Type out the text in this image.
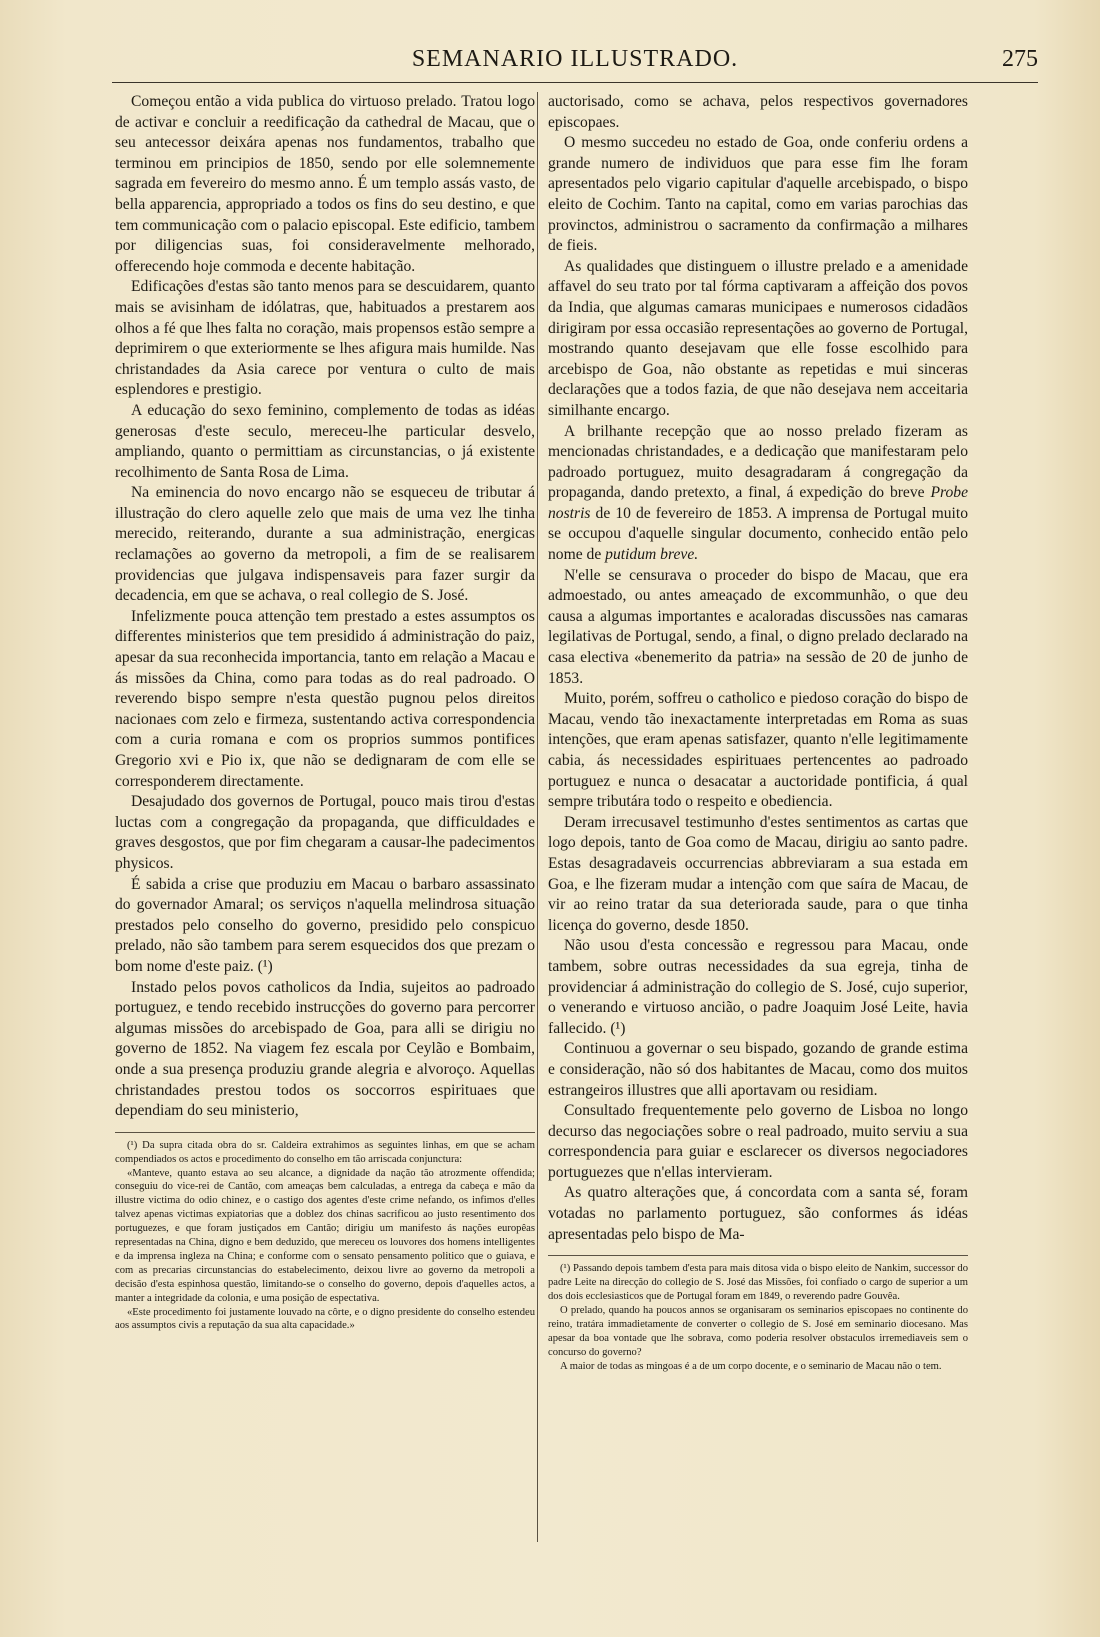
SEMANARIO ILLUSTRADO.	275

Começou então a vida publica do virtuoso prelado. Tratou logo de activar e concluir a reedificação da cathedral de Macau, que o seu antecessor deixára apenas nos fundamentos, trabalho que terminou em principios de 1850, sendo por elle solemnemente sagrada em fevereiro do mesmo anno. É um templo assás vasto, de bella apparencia, appropriado a todos os fins do seu destino, e que tem communicação com o palacio episcopal. Este edificio, tambem por diligencias suas, foi consideravelmente melhorado, offerecendo hoje commoda e decente habitação.

Edificações d'estas são tanto menos para se descuidarem, quanto mais se avisinham de idólatras, que, habituados a prestarem aos olhos a fé que lhes falta no coração, mais propensos estão sempre a deprimirem o que exteriormente se lhes afigura mais humilde. Nas christandades da Asia carece por ventura o culto de mais esplendores e prestigio.

A educação do sexo feminino, complemento de todas as idéas generosas d'este seculo, mereceu-lhe particular desvelo, ampliando, quanto o permittiam as circunstancias, o já existente recolhimento de Santa Rosa de Lima.

Na eminencia do novo encargo não se esqueceu de tributar á illustração do clero aquelle zelo que mais de uma vez lhe tinha merecido, reiterando, durante a sua administração, energicas reclamações ao governo da metropoli, a fim de se realisarem providencias que julgava indispensaveis para fazer surgir da decadencia, em que se achava, o real collegio de S. José.

Infelizmente pouca attenção tem prestado a estes assumptos os differentes ministerios que tem presidido á administração do paiz, apesar da sua reconhecida importancia, tanto em relação a Macau e ás missões da China, como para todas as do real padroado. O reverendo bispo sempre n'esta questão pugnou pelos direitos nacionaes com zelo e firmeza, sustentando activa correspondencia com a curia romana e com os proprios summos pontifices Gregorio xvi e Pio ix, que não se dedignaram de com elle se corresponderem directamente.

Desajudado dos governos de Portugal, pouco mais tirou d'estas luctas com a congregação da propaganda, que difficuldades e graves desgostos, que por fim chegaram a causar-lhe padecimentos physicos.

É sabida a crise que produziu em Macau o barbaro assassinato do governador Amaral; os serviços n'aquella melindrosa situação prestados pelo conselho do governo, presidido pelo conspicuo prelado, não são tambem para serem esquecidos dos que prezam o bom nome d'este paiz. (¹)

Instado pelos povos catholicos da India, sujeitos ao padroado portuguez, e tendo recebido instrucções do governo para percorrer algumas missões do arcebispado de Goa, para alli se dirigiu no governo de 1852. Na viagem fez escala por Ceylão e Bombaim, onde a sua presença produziu grande alegria e alvoroço. Aquellas christandades prestou todos os soccorros espirituaes que dependiam do seu ministerio,

(¹) Da supra citada obra do sr. Caldeira extrahimos as seguintes linhas, em que se acham compendiados os actos e procedimento do conselho em tão arriscada conjunctura:

«Manteve, quanto estava ao seu alcance, a dignidade da nação tão atrozmente offendida; conseguiu do vice-rei de Cantão, com ameaças bem calculadas, a entrega da cabeça e mão da illustre victima do odio chinez, e o castigo dos agentes d'este crime nefando, os infimos d'elles talvez apenas victimas expiatorias que a doblez dos chinas sacrificou ao justo resentimento dos portuguezes, e que foram justiçados em Cantão; dirigiu um manifesto ás nações europêas representadas na China, digno e bem deduzido, que mereceu os louvores dos homens intelligentes e da imprensa ingleza na China; e conforme com o sensato pensamento politico que o guiava, e com as precarias circunstancias do estabelecimento, deixou livre ao governo da metropoli a decisão d'esta espinhosa questão, limitando-se o conselho do governo, depois d'aquelles actos, a manter a integridade da colonia, e uma posição de espectativa.

«Este procedimento foi justamente louvado na côrte, e o digno presidente do conselho estendeu aos assumptos civis a reputação da sua alta capacidade.»

auctorisado, como se achava, pelos respectivos governadores episcopaes.

O mesmo succedeu no estado de Goa, onde conferiu ordens a grande numero de individuos que para esse fim lhe foram apresentados pelo vigario capitular d'aquelle arcebispado, o bispo eleito de Cochim. Tanto na capital, como em varias parochias das provinctos, administrou o sacramento da confirmação a milhares de fieis.

As qualidades que distinguem o illustre prelado e a amenidade affavel do seu trato por tal fórma captivaram a affeição dos povos da India, que algumas camaras municipaes e numerosos cidadãos dirigiram por essa occasião representações ao governo de Portugal, mostrando quanto desejavam que elle fosse escolhido para arcebispo de Goa, não obstante as repetidas e mui sinceras declarações que a todos fazia, de que não desejava nem acceitaria similhante encargo.

A brilhante recepção que ao nosso prelado fizeram as mencionadas christandades, e a dedicação que manifestaram pelo padroado portuguez, muito desagradaram á congregação da propaganda, dando pretexto, a final, á expedição do breve Probe nostris de 10 de fevereiro de 1853. A imprensa de Portugal muito se occupou d'aquelle singular documento, conhecido então pelo nome de putidum breve.

N'elle se censurava o proceder do bispo de Macau, que era admoestado, ou antes ameaçado de excommunhão, o que deu causa a algumas importantes e acaloradas discussões nas camaras legilativas de Portugal, sendo, a final, o digno prelado declarado na casa electiva «benemerito da patria» na sessão de 20 de junho de 1853.

Muito, porém, soffreu o catholico e piedoso coração do bispo de Macau, vendo tão inexactamente interpretadas em Roma as suas intenções, que eram apenas satisfazer, quanto n'elle legitimamente cabia, ás necessidades espirituaes pertencentes ao padroado portuguez e nunca o desacatar a auctoridade pontificia, á qual sempre tributára todo o respeito e obediencia.

Deram irrecusavel testimunho d'estes sentimentos as cartas que logo depois, tanto de Goa como de Macau, dirigiu ao santo padre. Estas desagradaveis occurrencias abbreviaram a sua estada em Goa, e lhe fizeram mudar a intenção com que saíra de Macau, de vir ao reino tratar da sua deteriorada saude, para o que tinha licença do governo, desde 1850.

Não usou d'esta concessão e regressou para Macau, onde tambem, sobre outras necessidades da sua egreja, tinha de providenciar á administração do collegio de S. José, cujo superior, o venerando e virtuoso ancião, o padre Joaquim José Leite, havia fallecido. (¹)

Continuou a governar o seu bispado, gozando de grande estima e consideração, não só dos habitantes de Macau, como dos muitos estrangeiros illustres que alli aportavam ou residiam.

Consultado frequentemente pelo governo de Lisboa no longo decurso das negociações sobre o real padroado, muito serviu a sua correspondencia para guiar e esclarecer os diversos negociadores portuguezes que n'ellas intervieram.

As quatro alterações que, á concordata com a santa sé, foram votadas no parlamento portuguez, são conformes ás idéas apresentadas pelo bispo de Ma-

(¹) Passando depois tambem d'esta para mais ditosa vida o bispo eleito de Nankim, successor do padre Leite na direcção do collegio de S. José das Missões, foi confiado o cargo de superior a um dos dois ecclesiasticos que de Portugal foram em 1849, o reverendo padre Gouvêa.

O prelado, quando ha poucos annos se organisaram os seminarios episcopaes no continente do reino, tratára immadietamente de converter o collegio de S. José em seminario diocesano. Mas apesar da boa vontade que lhe sobrava, como poderia resolver obstaculos irremediaveis sem o concurso do governo?

A maior de todas as mingoas é a de um corpo docente, e o seminario de Macau não o tem.
